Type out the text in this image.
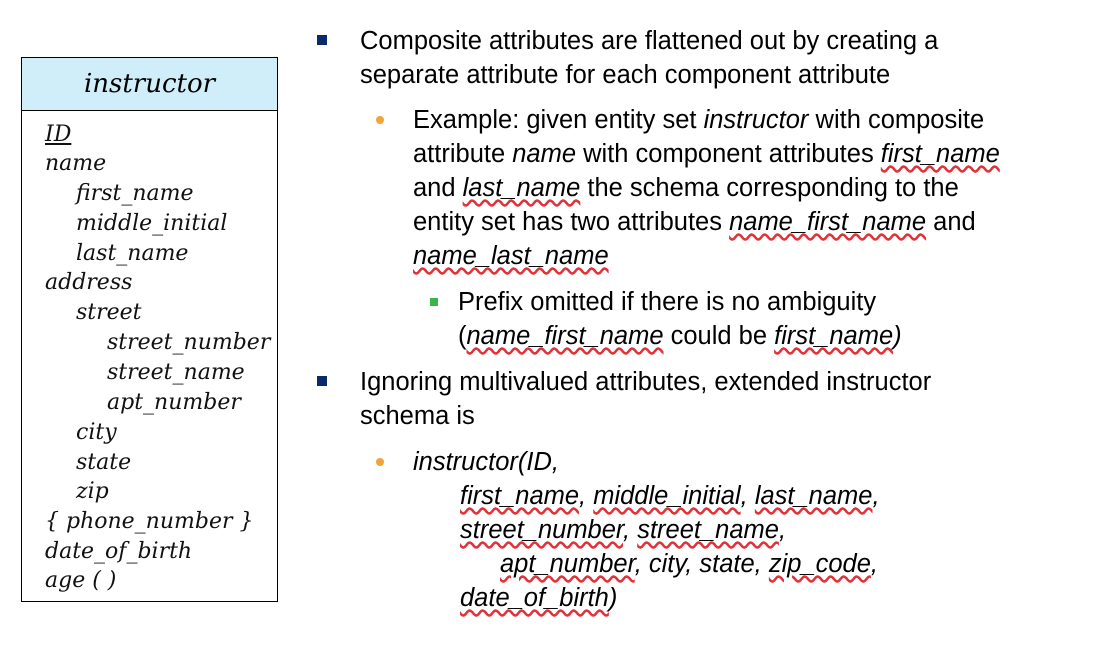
instructor
ID
name
first_name
middle_initial
last_name
address
street
street_number
street_name
apt_number
city
state
zip
{ phone_number }
date_of_birth
age ( )
Composite attributes are flattened out by creating a
separate attribute for each component attribute
Example: given entity set instructor with composite
attribute name with component attributes first_name
and last_name the schema corresponding to the
entity set has two attributes name_first_name and
name_last_name
Prefix omitted if there is no ambiguity
(name_first_name could be first_name)
Ignoring multivalued attributes, extended instructor
schema is
instructor(ID,
first_name, middle_initial, last_name,
street_number, street_name,
apt_number, city, state, zip_code,
date_of_birth)
